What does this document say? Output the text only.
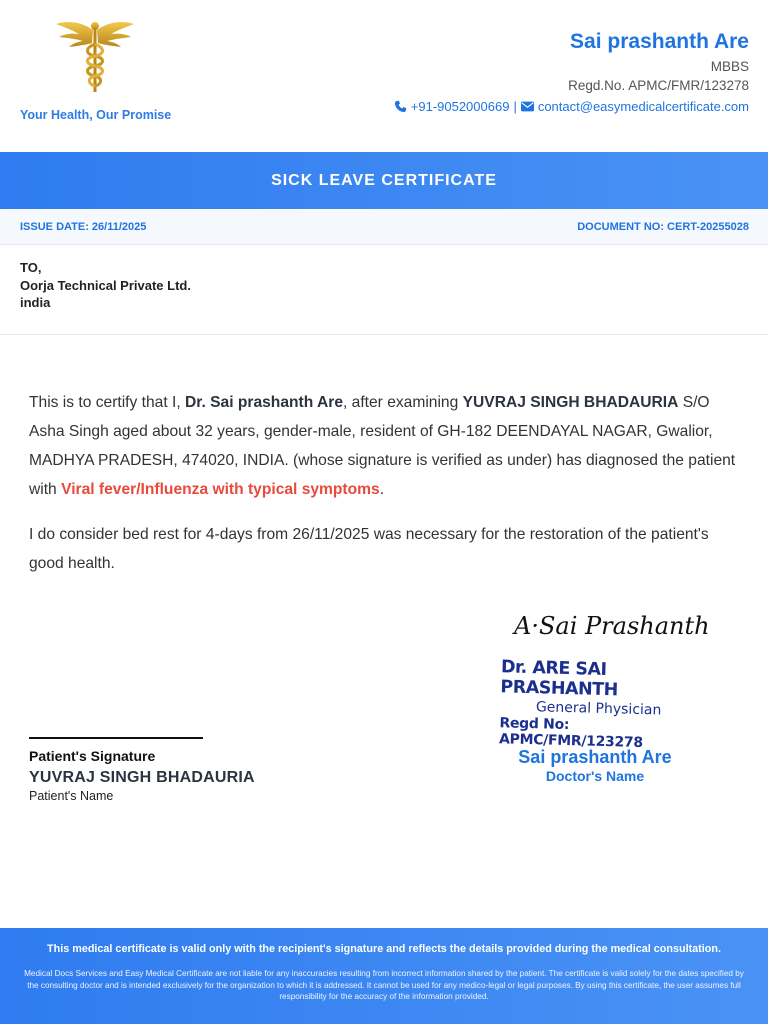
Your Health, Our Promise
Sai prashanth Are
MBBS
Regd.No. APMC/FMR/123278
+91-9052000669 | contact@easymedicalcertificate.com
SICK LEAVE CERTIFICATE
ISSUE DATE: 26/11/2025	DOCUMENT NO: CERT-20255028
TO,
Oorja Technical Private Ltd.
india

This is to certify that I, Dr. Sai prashanth Are, after examining YUVRAJ SINGH BHADAURIA S/O Asha Singh aged about 32 years, gender-male, resident of GH-182 DEENDAYAL NAGAR, Gwalior, MADHYA PRADESH, 474020, INDIA. (whose signature is verified as under) has diagnosed the patient with Viral fever/Influenza with typical symptoms.

I do consider bed rest for 4-days from 26/11/2025 was necessary for the restoration of the patient's good health.

A·Sai Prashanth
Dr. ARE SAI PRASHANTH
General Physician
Regd No: APMC/FMR/123278
Patient's Signature
YUVRAJ SINGH BHADAURIA
Patient's Name
Sai prashanth Are
Doctor's Name
This medical certificate is valid only with the recipient's signature and reflects the details provided during the medical consultation.
Medical Docs Services and Easy Medical Certificate are not liable for any inaccuracies resulting from incorrect information shared by the patient. The certificate is valid solely for the dates specified by the consulting doctor and is intended exclusively for the organization to which it is addressed. It cannot be used for any medico-legal or legal purposes. By using this certificate, the user assumes full responsibility for the accuracy of the information provided.
